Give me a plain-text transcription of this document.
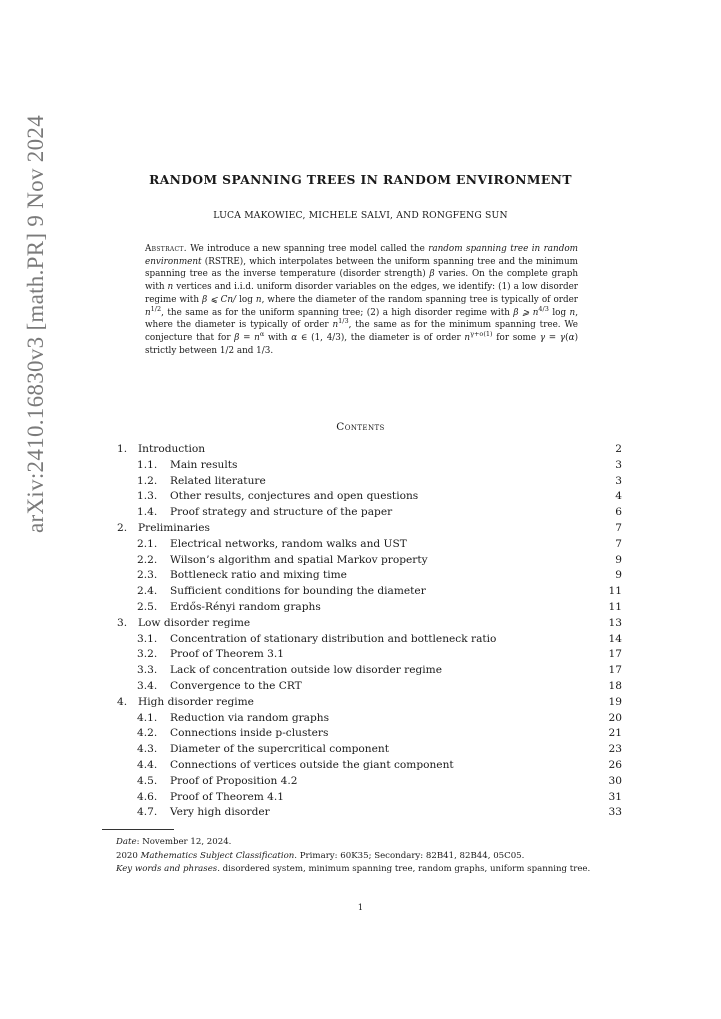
arXiv:2410.16830v3 [math.PR] 9 Nov 2024	RANDOM SPANNING TREES IN RANDOM ENVIRONMENT
LUCA MAKOWIEC, MICHELE SALVI, AND RONGFENG SUN
Abstract. We introduce a new spanning tree model called the random spanning tree in random environment (RSTRE), which interpolates between the uniform spanning tree and the minimum spanning tree as the inverse temperature (disorder strength) β varies. On the complete graph with n vertices and i.i.d. uniform disorder variables on the edges, we identify: (1) a low disorder regime with β ⩽ Cn/ log n, where the diameter of the random spanning tree is typically of order $n^{1/2}$, the same as for the uniform spanning tree; (2) a high disorder regime with β ⩾ $n^{4/3}$ log n, where the diameter is typically of order $n^{1/3}$, the same as for the minimum spanning tree. We conjecture that for $\beta = n^\alpha$ with α ∈ (1, 4/3), the diameter is of order $n^{\gamma+o(1)}$ for some γ = γ(α) strictly between 1/2 and 1/3.
Contents
1. Introduction	2
1.1. Main results	3
1.2. Related literature	3
1.3. Other results, conjectures and open questions	4
1.4. Proof strategy and structure of the paper	6
2. Preliminaries	7
2.1. Electrical networks, random walks and UST	7
2.2. Wilson’s algorithm and spatial Markov property	9
2.3. Bottleneck ratio and mixing time	9
2.4. Sufficient conditions for bounding the diameter	11
2.5. Erdős-Rényi random graphs	11
3. Low disorder regime	13
3.1. Concentration of stationary distribution and bottleneck ratio	14
3.2. Proof of Theorem 3.1	17
3.3. Lack of concentration outside low disorder regime	17
3.4. Convergence to the CRT	18
4. High disorder regime	19
4.1. Reduction via random graphs	20
4.2. Connections inside p-clusters	21
4.3. Diameter of the supercritical component	23
4.4. Connections of vertices outside the giant component	26
4.5. Proof of Proposition 4.2	30
4.6. Proof of Theorem 4.1	31
4.7. Very high disorder	33
Date: November 12, 2024.
2020 Mathematics Subject Classification. Primary: 60K35; Secondary: 82B41, 82B44, 05C05.
Key words and phrases. disordered system, minimum spanning tree, random graphs, uniform spanning tree.
1
